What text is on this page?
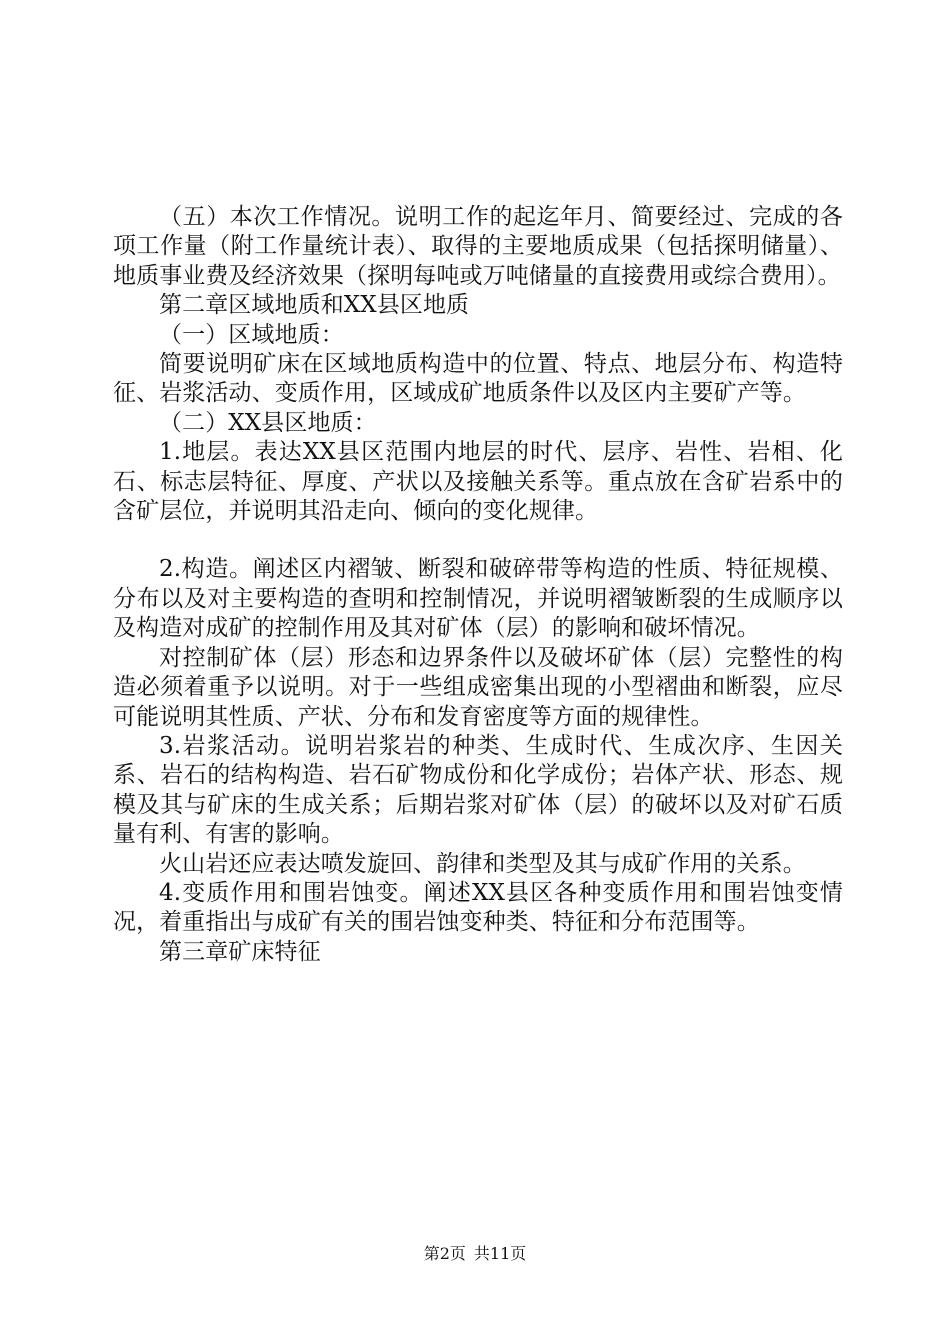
（五）本次工作情况。说明工作的起迄年月、简要经过、完成的各项工作量（附工作量统计表）、取得的主要地质成果（包括探明储量）、地质事业费及经济效果（探明每吨或万吨储量的直接费用或综合费用）。

第二章区域地质和XX县区地质

（一）区域地质：

简要说明矿床在区域地质构造中的位置、特点、地层分布、构造特征、岩浆活动、变质作用，区域成矿地质条件以及区内主要矿产等。

（二）XX县区地质：

1.地层。表达XX县区范围内地层的时代、层序、岩性、岩相、化石、标志层特征、厚度、产状以及接触关系等。重点放在含矿岩系中的含矿层位，并说明其沿走向、倾向的变化规律。

2.构造。阐述区内褶皱、断裂和破碎带等构造的性质、特征规模、分布以及对主要构造的查明和控制情况，并说明褶皱断裂的生成顺序以及构造对成矿的控制作用及其对矿体（层）的影响和破坏情况。

对控制矿体（层）形态和边界条件以及破坏矿体（层）完整性的构造必须着重予以说明。对于一些组成密集出现的小型褶曲和断裂，应尽可能说明其性质、产状、分布和发育密度等方面的规律性。

3.岩浆活动。说明岩浆岩的种类、生成时代、生成次序、生因关系、岩石的结构构造、岩石矿物成份和化学成份；岩体产状、形态、规模及其与矿床的生成关系；后期岩浆对矿体（层）的破坏以及对矿石质量有利、有害的影响。

火山岩还应表达喷发旋回、韵律和类型及其与成矿作用的关系。

4.变质作用和围岩蚀变。阐述XX县区各种变质作用和围岩蚀变情况，着重指出与成矿有关的围岩蚀变种类、特征和分布范围等。

第三章矿床特征

第2页 共11页
